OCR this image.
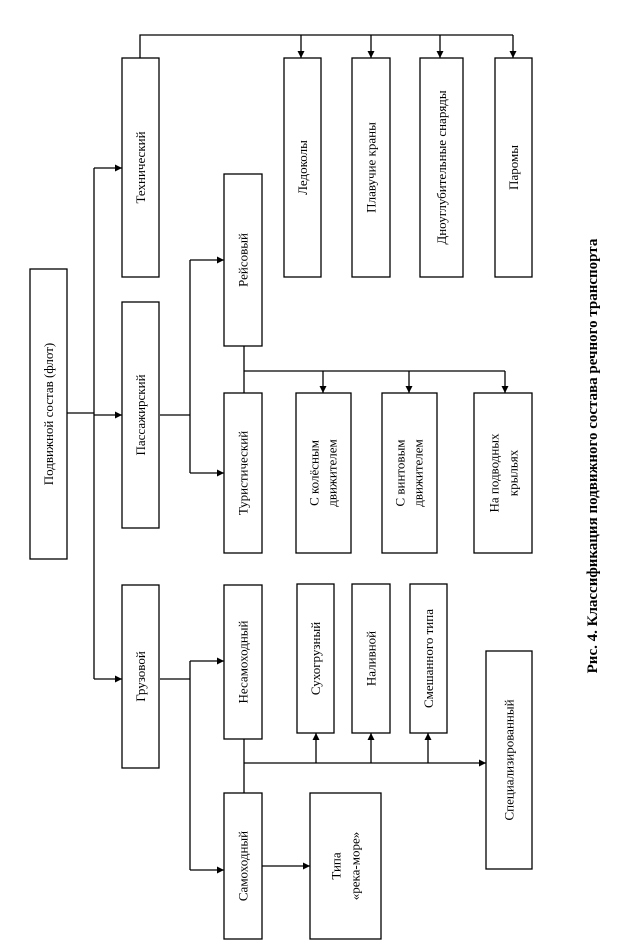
Подвижной состав (флот)
Технический
Пассажирский
Грузовой
Ледоколы	Плавучие краны	Дноуглубительные снаряды	Паромы
Рейсовый
Туристический	С колёсным движителем	С винтовым движителем	На подводных крыльях
Несамоходный
Самоходный
Сухогрузный	Наливной	Смешанного типа
Специализированный
Типа «река-море»
Рис. 4. Классификация подвижного состава речного транспорта
